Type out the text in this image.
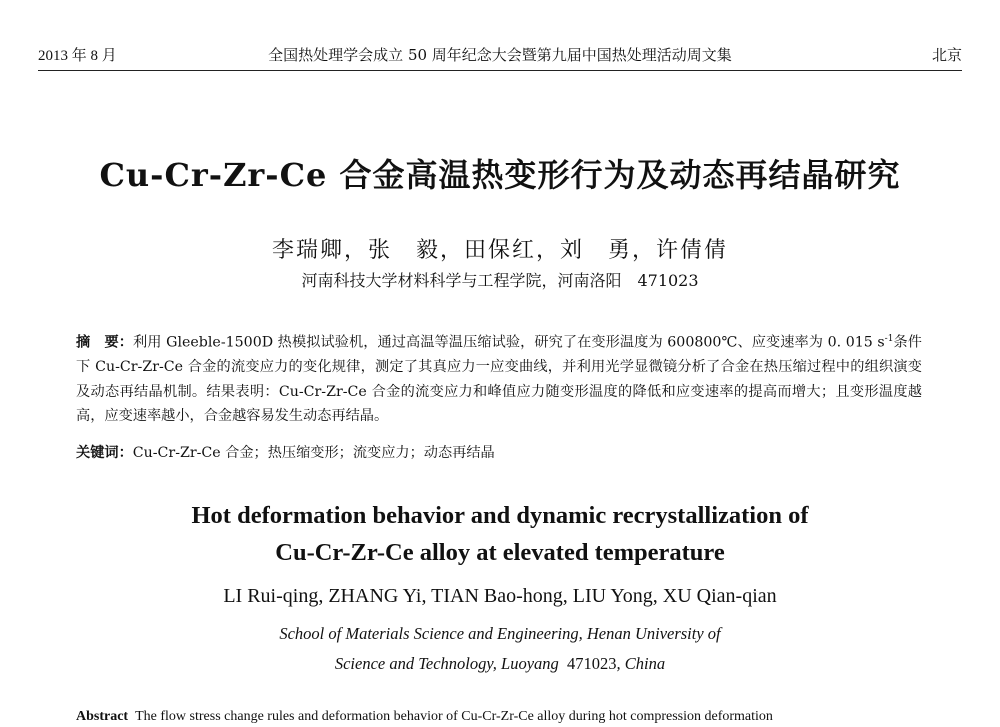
2013 年 8 月	全国热处理学会成立 50 周年纪念大会暨第九届中国热处理活动周文集	北京
Cu-Cr-Zr-Ce 合金高温热变形行为及动态再结晶研究
李瑞卿，张　毅，田保红，刘　勇，许倩倩
河南科技大学材料科学与工程学院，河南洛阳　471023
摘　要：利用 Gleeble-1500D 热模拟试验机，通过高温等温压缩试验，研究了在变形温度为 600800℃、应变速率为 0. 015 $s^{-1}$条件下 Cu-Cr-Zr-Ce 合金的流变应力的变化规律，测定了其真应力一应变曲线，并利用光学显微镜分析了合金在热压缩过程中的组织演变及动态再结晶机制。结果表明：Cu-Cr-Zr-Ce 合金的流变应力和峰值应力随变形温度的降低和应变速率的提高而增大；且变形温度越高，应变速率越小，合金越容易发生动态再结晶。
关键词：Cu-Cr-Zr-Ce 合金；热压缩变形；流变应力；动态再结晶
Hot deformation behavior and dynamic recrystallization of
Cu-Cr-Zr-Ce alloy at elevated temperature
LI Rui-qing, ZHANG Yi, TIAN Bao-hong, LIU Yong, XU Qian-qian
School of Materials Science and Engineering, Henan University of
Science and Technology, Luoyang 471023, China
Abstract The flow stress change rules and deformation behavior of Cu-Cr-Zr-Ce alloy during hot compression deformation
